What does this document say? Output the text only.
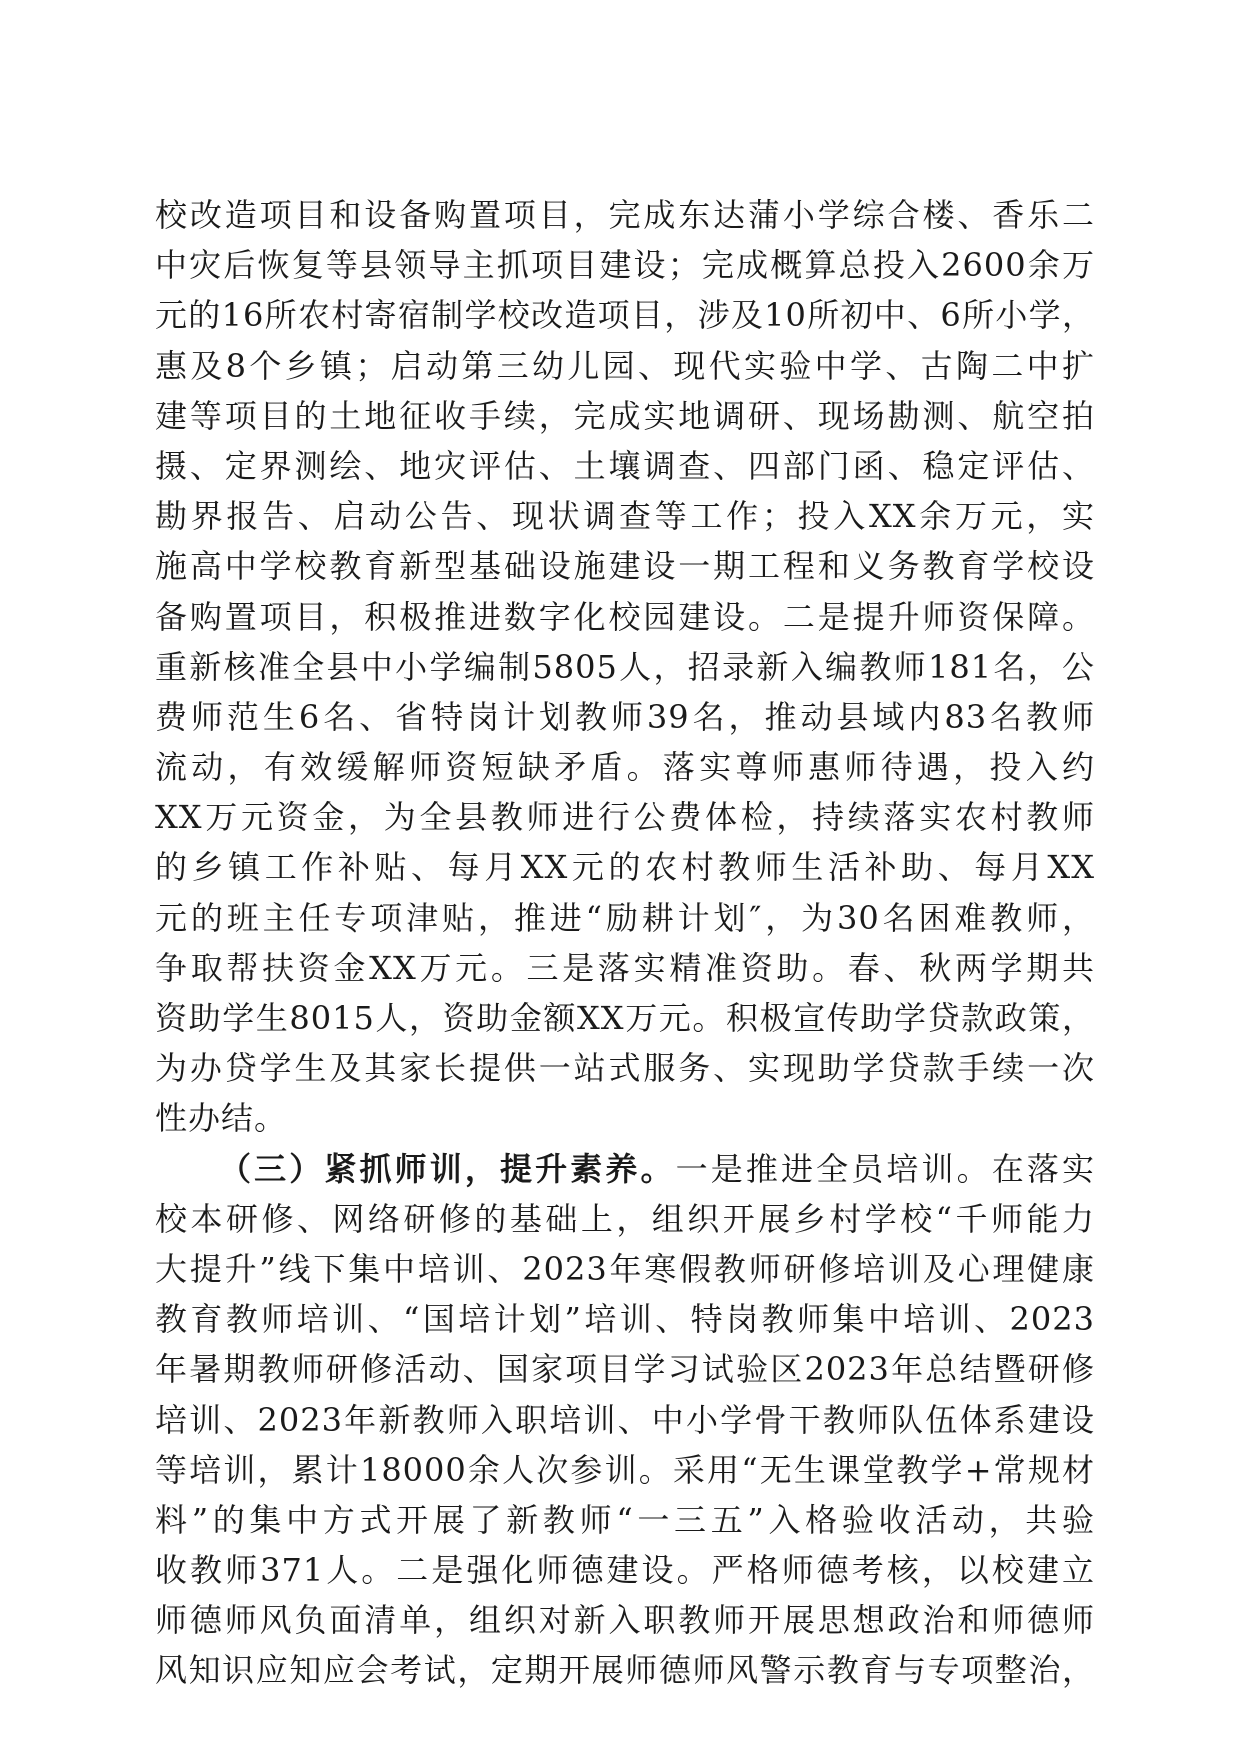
校改造项目和设备购置项目，完成东达蒲小学综合楼、香乐二
中灾后恢复等县领导主抓项目建设；完成概算总投入2600余万
元的16所农村寄宿制学校改造项目，涉及10所初中、6所小学，
惠及8个乡镇；启动第三幼儿园、现代实验中学、古陶二中扩
建等项目的土地征收手续，完成实地调研、现场勘测、航空拍
摄、定界测绘、地灾评估、土壤调查、四部门函、稳定评估、
勘界报告、启动公告、现状调查等工作；投入XX余万元，实
施高中学校教育新型基础设施建设一期工程和义务教育学校设
备购置项目，积极推进数字化校园建设。二是提升师资保障。
重新核准全县中小学编制5805人，招录新入编教师181名，公
费师范生6名、省特岗计划教师39名，推动县域内83名教师
流动，有效缓解师资短缺矛盾。落实尊师惠师待遇，投入约
XX万元资金，为全县教师进行公费体检，持续落实农村教师
的乡镇工作补贴、每月XX元的农村教师生活补助、每月XX
元的班主任专项津贴，推进“励耕计划″，为30名困难教师，
争取帮扶资金XX万元。三是落实精准资助。春、秋两学期共
资助学生8015人，资助金额XX万元。积极宣传助学贷款政策，
为办贷学生及其家长提供一站式服务、实现助学贷款手续一次
性办结。
（三）紧抓师训，提升素养。一是推进全员培训。在落实
校本研修、网络研修的基础上，组织开展乡村学校“千师能力
大提升”线下集中培训、2023年寒假教师研修培训及心理健康
教育教师培训、“国培计划”培训、特岗教师集中培训、2023
年暑期教师研修活动、国家项目学习试验区2023年总结暨研修
培训、2023年新教师入职培训、中小学骨干教师队伍体系建设
等培训，累计18000余人次参训。采用“无生课堂教学+常规材
料”的集中方式开展了新教师“一三五”入格验收活动，共验
收教师371人。二是强化师德建设。严格师德考核，以校建立
师德师风负面清单，组织对新入职教师开展思想政治和师德师
风知识应知应会考试，定期开展师德师风警示教育与专项整治，
